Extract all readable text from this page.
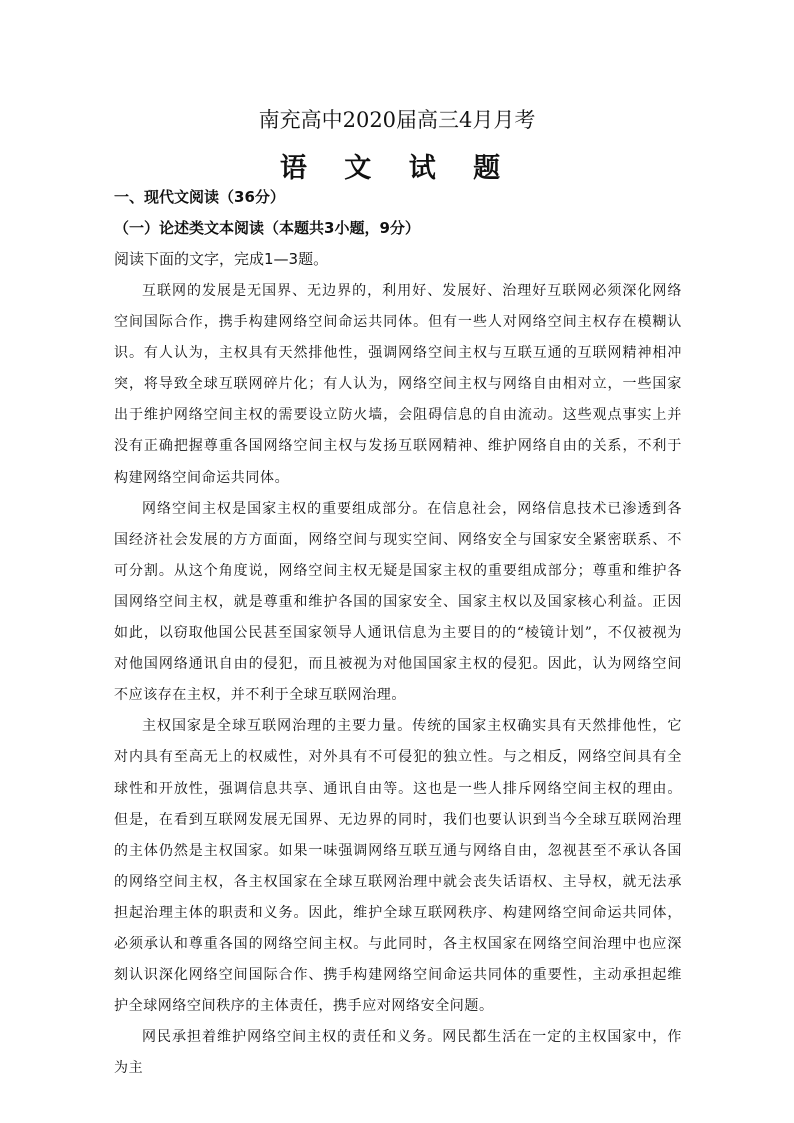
南充高中2020届高三4月月考
语 文 试 题
一、现代文阅读（36分）
（一）论述类文本阅读（本题共3小题，9分）
阅读下面的文字，完成1—3题。

互联网的发展是无国界、无边界的，利用好、发展好、治理好互联网必须深化网络空间国际合作，携手构建网络空间命运共同体。但有一些人对网络空间主权存在模糊认识。有人认为，主权具有天然排他性，强调网络空间主权与互联互通的互联网精神相冲突，将导致全球互联网碎片化；有人认为，网络空间主权与网络自由相对立，一些国家出于维护网络空间主权的需要设立防火墙，会阻碍信息的自由流动。这些观点事实上并没有正确把握尊重各国网络空间主权与发扬互联网精神、维护网络自由的关系，不利于构建网络空间命运共同体。

网络空间主权是国家主权的重要组成部分。在信息社会，网络信息技术已渗透到各国经济社会发展的方方面面，网络空间与现实空间、网络安全与国家安全紧密联系、不可分割。从这个角度说，网络空间主权无疑是国家主权的重要组成部分；尊重和维护各国网络空间主权，就是尊重和维护各国的国家安全、国家主权以及国家核心利益。正因如此，以窃取他国公民甚至国家领导人通讯信息为主要目的的“棱镜计划”，不仅被视为对他国网络通讯自由的侵犯，而且被视为对他国国家主权的侵犯。因此，认为网络空间不应该存在主权，并不利于全球互联网治理。

主权国家是全球互联网治理的主要力量。传统的国家主权确实具有天然排他性，它对内具有至高无上的权威性，对外具有不可侵犯的独立性。与之相反，网络空间具有全球性和开放性，强调信息共享、通讯自由等。这也是一些人排斥网络空间主权的理由。但是，在看到互联网发展无国界、无边界的同时，我们也要认识到当今全球互联网治理的主体仍然是主权国家。如果一味强调网络互联互通与网络自由，忽视甚至不承认各国的网络空间主权，各主权国家在全球互联网治理中就会丧失话语权、主导权，就无法承担起治理主体的职责和义务。因此，维护全球互联网秩序、构建网络空间命运共同体，必须承认和尊重各国的网络空间主权。与此同时，各主权国家在网络空间治理中也应深刻认识深化网络空间国际合作、携手构建网络空间命运共同体的重要性，主动承担起维护全球网络空间秩序的主体责任，携手应对网络安全问题。

网民承担着维护网络空间主权的责任和义务。网民都生活在一定的主权国家中，作为主
